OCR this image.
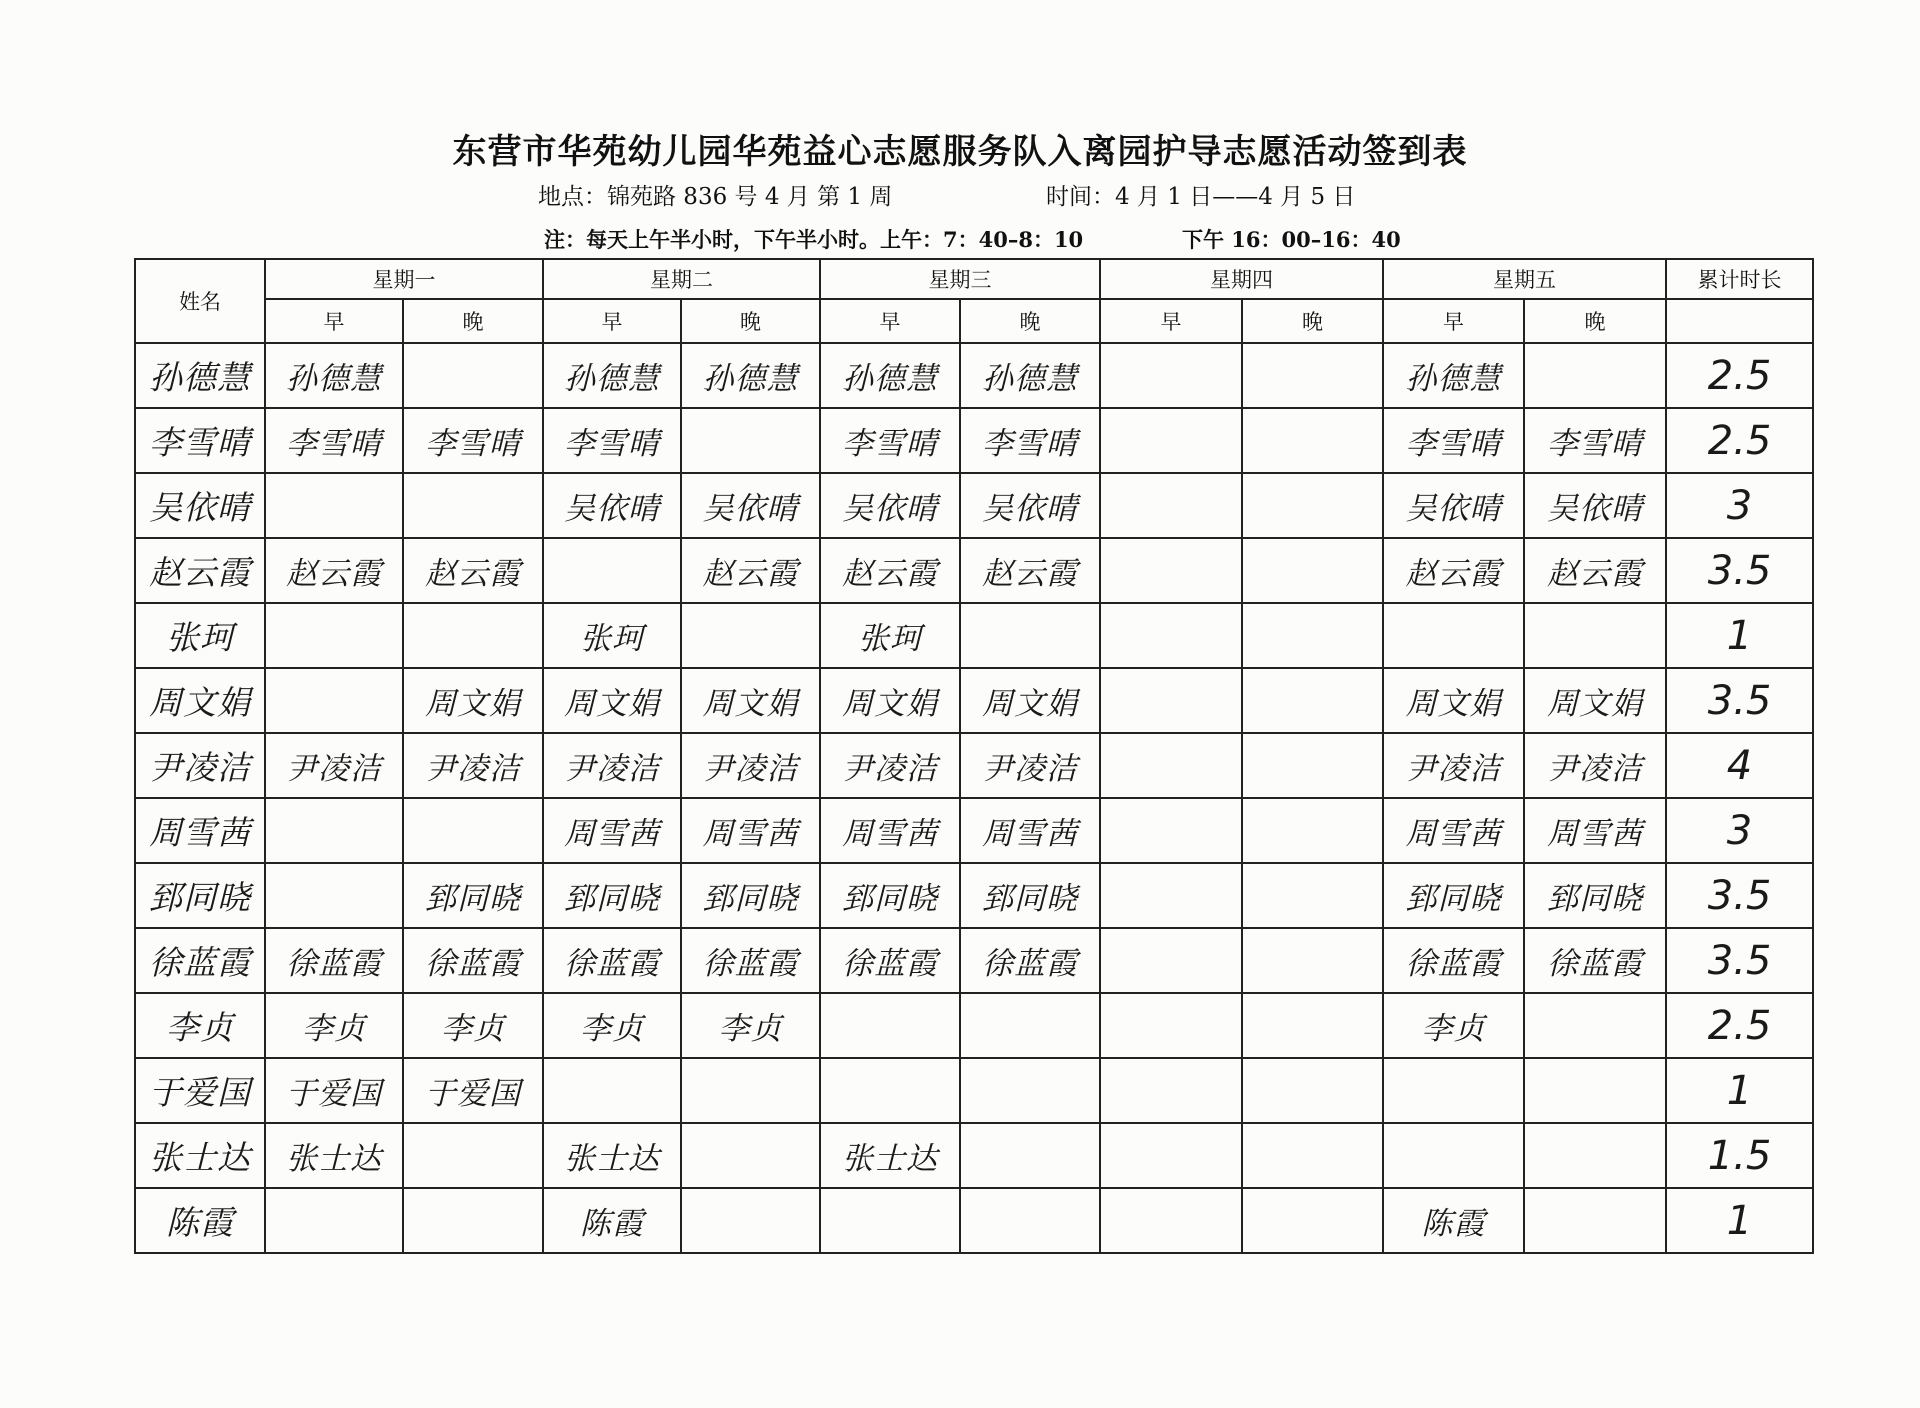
东营市华苑幼儿园华苑益心志愿服务队入离园护导志愿活动签到表
地点：锦苑路 836 号 4 月 第 1 周	时间：4 月 1 日——4 月 5 日
注：每天上午半小时，下午半小时。上午：7：40–8：10	下午 16：00–16：40
姓名	星期一		星期二		星期三		星期四		星期五		累计时长
	早	晚	早	晚	早	晚	早	晚	早	晚	
孙德慧	孙德慧		孙德慧	孙德慧	孙德慧	孙德慧			孙德慧		2.5
李雪晴	李雪晴	李雪晴	李雪晴		李雪晴	李雪晴			李雪晴	李雪晴	2.5
吴依晴			吴依晴	吴依晴	吴依晴	吴依晴			吴依晴	吴依晴	3
赵云霞	赵云霞	赵云霞		赵云霞	赵云霞	赵云霞			赵云霞	赵云霞	3.5
张珂			张珂		张珂						1
周文娟		周文娟	周文娟	周文娟	周文娟	周文娟			周文娟	周文娟	3.5
尹凌洁	尹凌洁	尹凌洁	尹凌洁	尹凌洁	尹凌洁	尹凌洁			尹凌洁	尹凌洁	4
周雪茜			周雪茜	周雪茜	周雪茜	周雪茜			周雪茜	周雪茜	3
郅同晓		郅同晓	郅同晓	郅同晓	郅同晓	郅同晓			郅同晓	郅同晓	3.5
徐蓝霞	徐蓝霞	徐蓝霞	徐蓝霞	徐蓝霞	徐蓝霞	徐蓝霞			徐蓝霞	徐蓝霞	3.5
李贞	李贞	李贞	李贞	李贞					李贞		2.5
于爱国	于爱国	于爱国									1
张士达	张士达		张士达		张士达						1.5
陈霞			陈霞						陈霞		1
